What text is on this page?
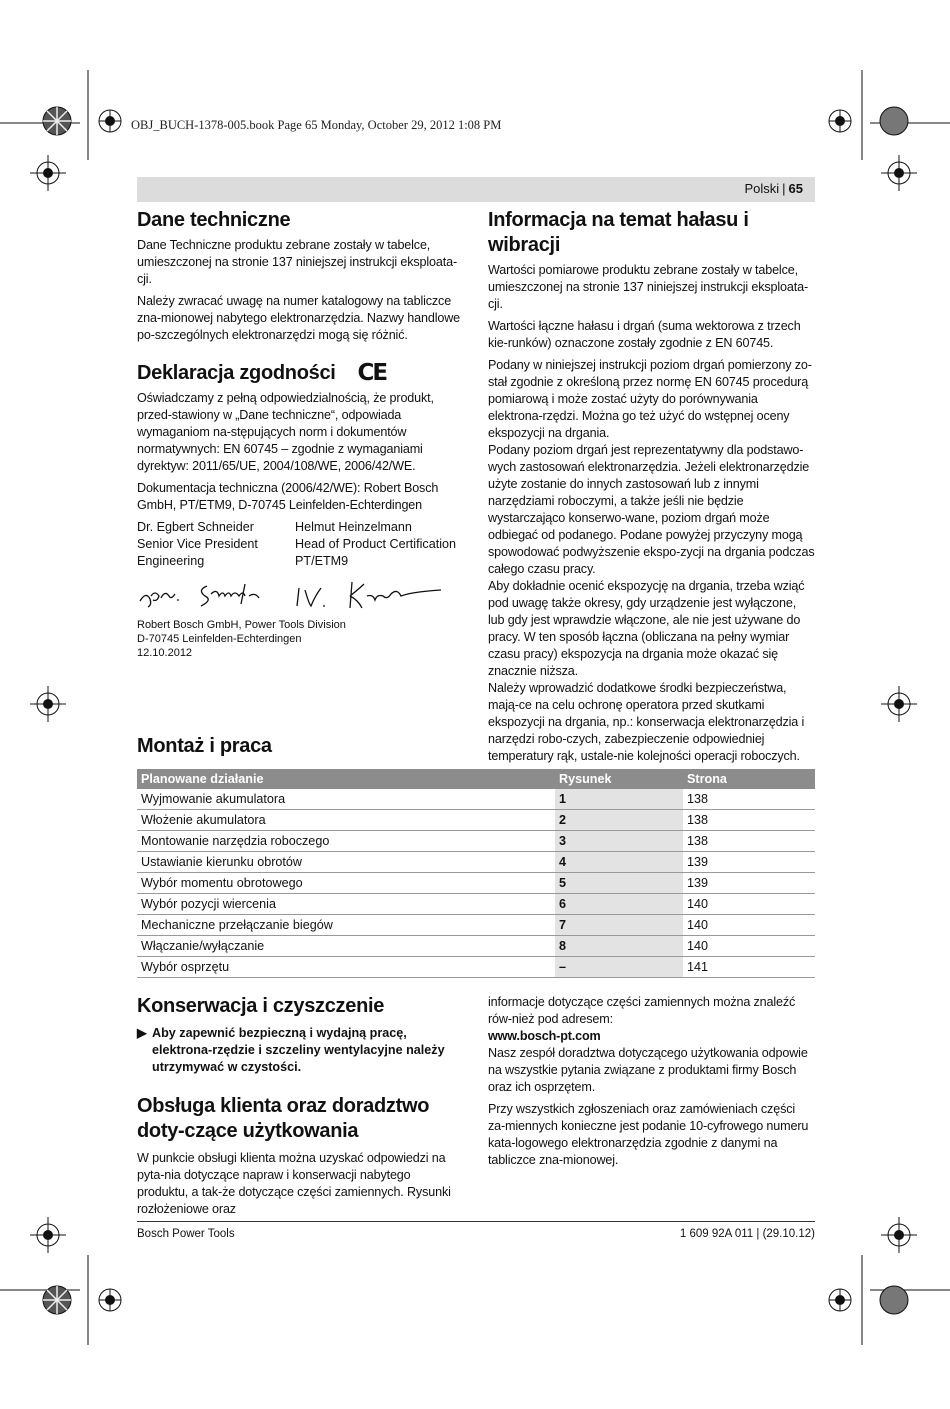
OBJ_BUCH-1378-005.book Page 65 Monday, October 29, 2012 1:08 PM
Polski | 65
Dane techniczne

Dane Techniczne produktu zebrane zostały w tabelce, umieszczonej na stronie 137 niniejszej instrukcji eksploata-cji.

Należy zwracać uwagę na numer katalogowy na tabliczce zna-mionowej nabytego elektronarzędzia. Nazwy handlowe po-szczególnych elektronarzędzi mogą się różnić.

Deklaracja zgodności CE

Oświadczamy z pełną odpowiedzialnością, że produkt, przed-stawiony w „Dane techniczne“, odpowiada wymaganiom na-stępujących norm i dokumentów normatywnych: EN 60745 – zgodnie z wymaganiami dyrektyw: 2011/65/UE, 2004/108/WE, 2006/42/WE.

Dokumentacja techniczna (2006/42/WE): Robert Bosch GmbH, PT/ETM9, D-70745 Leinfelden-Echterdingen

Dr. Egbert Schneider
Senior Vice President
Engineering
Helmut Heinzelmann
Head of Product Certification
PT/ETM9
Robert Bosch GmbH, Power Tools Division
D-70745 Leinfelden-Echterdingen
12.10.2012
Informacja na temat hałasu i wibracji

Wartości pomiarowe produktu zebrane zostały w tabelce, umieszczonej na stronie 137 niniejszej instrukcji eksploata-cji.

Wartości łączne hałasu i drgań (suma wektorowa z trzech kie-runków) oznaczone zostały zgodnie z EN 60745.

Podany w niniejszej instrukcji poziom drgań pomierzony zo-stał zgodnie z określoną przez normę EN 60745 procedurą pomiarową i może zostać użyty do porównywania elektrona-rzędzi. Można go też użyć do wstępnej oceny ekspozycji na drgania.

Podany poziom drgań jest reprezentatywny dla podstawo-wych zastosowań elektronarzędzia. Jeżeli elektronarzędzie użyte zostanie do innych zastosowań lub z innymi narzędziami roboczymi, a także jeśli nie będzie wystarczająco konserwo-wane, poziom drgań może odbiegać od podanego. Podane powyżej przyczyny mogą spowodować podwyższenie ekspo-zycji na drgania podczas całego czasu pracy.

Aby dokładnie ocenić ekspozycję na drgania, trzeba wziąć pod uwagę także okresy, gdy urządzenie jest wyłączone, lub gdy jest wprawdzie włączone, ale nie jest używane do pracy. W ten sposób łączna (obliczana na pełny wymiar czasu pracy) ekspozycja na drgania może okazać się znacznie niższa.

Należy wprowadzić dodatkowe środki bezpieczeństwa, mają-ce na celu ochronę operatora przed skutkami ekspozycji na drgania, np.: konserwacja elektronarzędzia i narzędzi robo-czych, zabezpieczenie odpowiedniej temperatury rąk, ustale-nie kolejności operacji roboczych.

Montaż i praca
Planowane działanie	Rysunek	Strona
Wyjmowanie akumulatora	1	138
Włożenie akumulatora	2	138
Montowanie narzędzia roboczego	3	138
Ustawianie kierunku obrotów	4	139
Wybór momentu obrotowego	5	139
Wybór pozycji wiercenia	6	140
Mechaniczne przełączanie biegów	7	140
Włączanie/wyłączanie	8	140
Wybór osprzętu	–	141
Konserwacja i czyszczenie
▶ Aby zapewnić bezpieczną i wydajną pracę, elektrona-rzędzie i szczeliny wentylacyjne należy utrzymywać w czystości.
Obsługa klienta oraz doradztwo doty-czące użytkowania

W punkcie obsługi klienta można uzyskać odpowiedzi na pyta-nia dotyczące napraw i konserwacji nabytego produktu, a tak-że dotyczące części zamiennych. Rysunki rozłożeniowe oraz

informacje dotyczące części zamiennych można znaleźć rów-nież pod adresem:

www.bosch-pt.com

Nasz zespół doradztwa dotyczącego użytkowania odpowie na wszystkie pytania związane z produktami firmy Bosch oraz ich osprzętem.

Przy wszystkich zgłoszeniach oraz zamówieniach części za-miennych konieczne jest podanie 10-cyfrowego numeru kata-logowego elektronarzędzia zgodnie z danymi na tabliczce zna-mionowej.

Bosch Power Tools	1 609 92A 011 | (29.10.12)
